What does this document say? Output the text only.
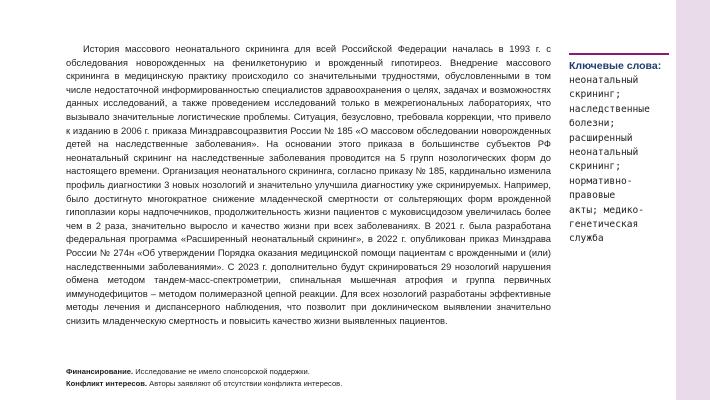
История массового неонатального скрининга для всей Российской Федерации началась в 1993 г. с обследования новорожденных на фенилкетонурию и врожденный гипотиреоз. Внедрение массового скрининга в медицинскую практику происходило со значительными трудностями, обусловленными в том числе недостаточной информированностью специалистов здравоохранения о целях, задачах и возможностях данных исследований, а также проведением исследований только в межрегиональных лабораториях, что вызывало значительные логистические проблемы. Ситуация, безусловно, требовала коррекции, что привело к изданию в 2006 г. приказа Минздравсоцразвития России № 185 «О массовом обследовании новорожденных детей на наследственные заболевания». На основании этого приказа в большинстве субъектов РФ неонатальный скрининг на наследственные заболевания проводится на 5 групп нозологических форм до настоящего времени. Организация неонатального скрининга, согласно приказу № 185, кардинально изменила профиль диагностики 3 новых нозологий и значительно улучшила диагностику уже скринируемых. Например, было достигнуто многократное снижение младенческой смертности от сольтеряющих форм врожденной гипоплазии коры надпочечников, продолжительность жизни пациентов с муковисцидозом увеличилась более чем в 2 раза, значительно выросло и качество жизни при всех заболеваниях. В 2021 г. была разработана федеральная программа «Расширенный неонатальный скрининг», в 2022 г. опубликован приказ Минздрава России № 274н «Об утверждении Порядка оказания медицинской помощи пациентам с врожденными и (или) наследственными заболеваниями». С 2023 г. дополнительно будут скринироваться 29 нозологий нарушения обмена методом тандем-масс-спектрометрии, спинальная мышечная атрофия и группа первичных иммунодефицитов – методом полимеразной цепной реакции. Для всех нозологий разработаны эффективные методы лечения и диспансерного наблюдения, что позволит при доклиническом выявлении значительно снизить младенческую смертность и повысить качество жизни выявленных пациентов.

Финансирование. Исследование не имело спонсорской поддержки.
Конфликт интересов. Авторы заявляют об отсутствии конфликта интересов.
Ключевые слова:
неонатальный
скрининг;
наследственные
болезни;
расширенный
неонатальный
скрининг;
нормативно-
правовые
акты; медико-
генетическая
служба
